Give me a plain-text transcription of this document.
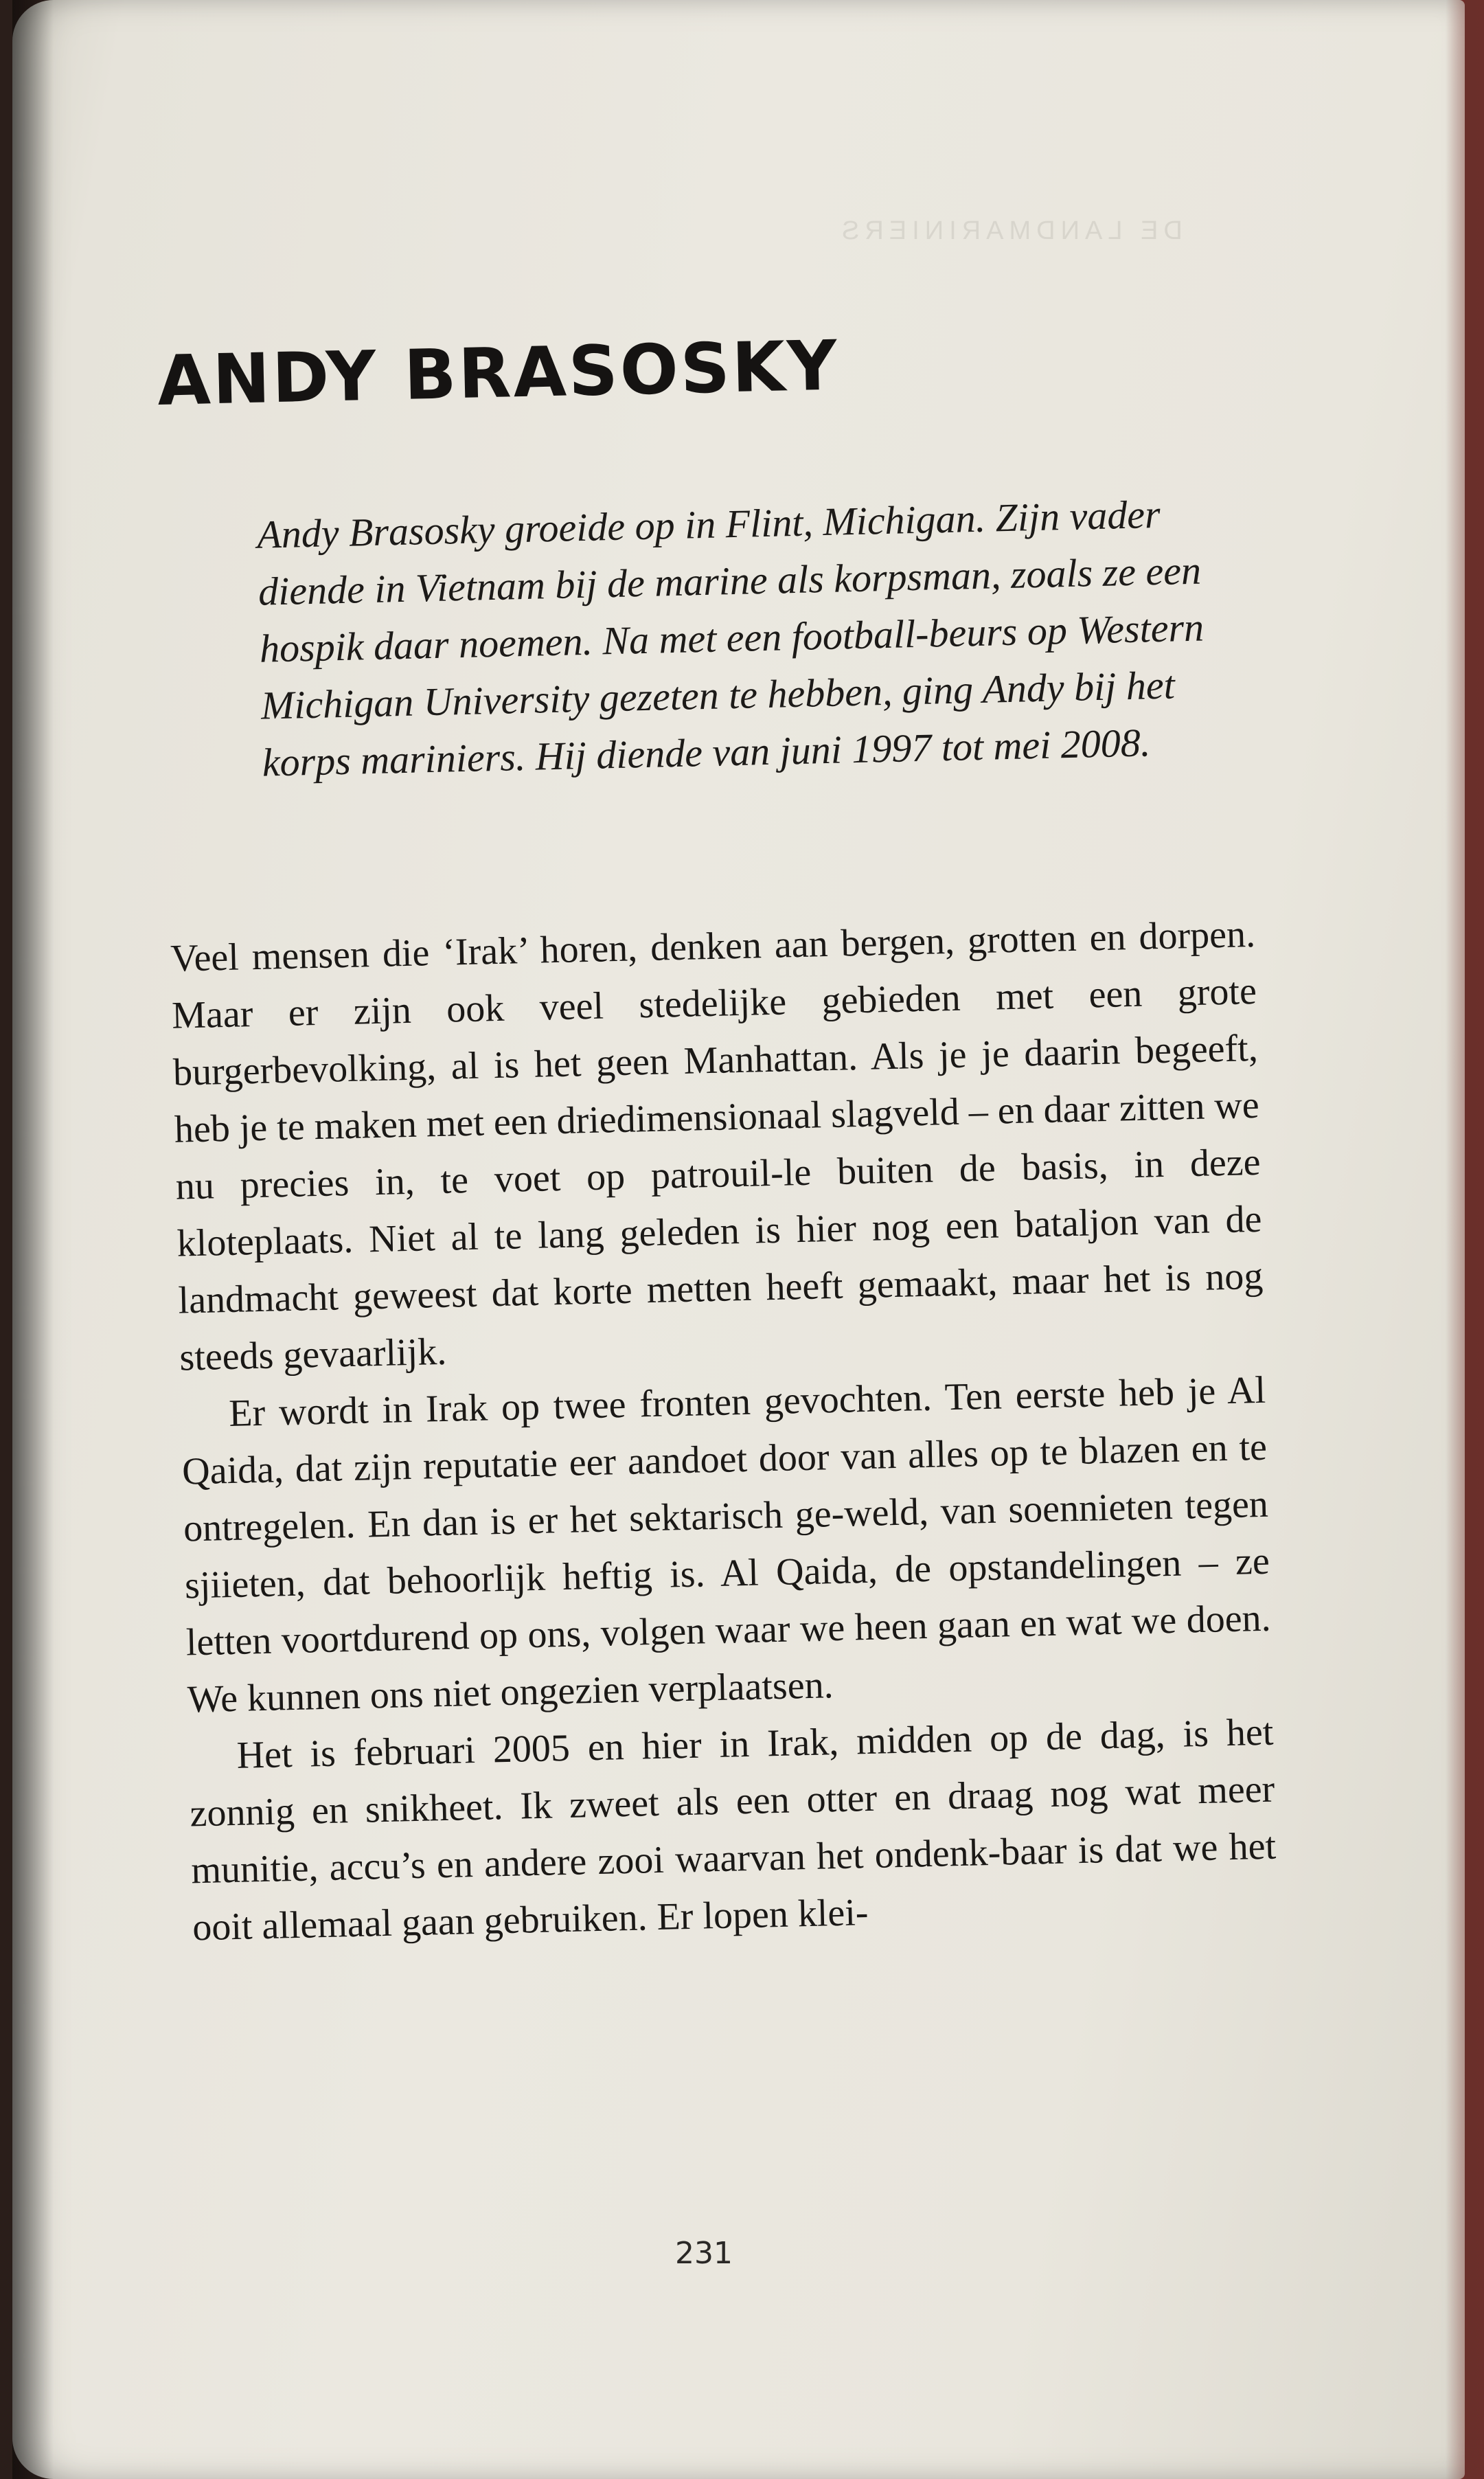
DE LANDMARINIERS
ANDY BRASOSKY
Andy Brasosky groeide op in Flint, Michigan. Zijn vader diende in Vietnam bij de marine als korpsman, zoals ze een hospik daar noemen. Na met een football-beurs op Western Michigan University gezeten te hebben, ging Andy bij het korps mariniers. Hij diende van juni 1997 tot mei 2008.

Veel mensen die ‘Irak’ horen, denken aan bergen, grotten en dorpen. Maar er zijn ook veel stedelijke gebieden met een grote burgerbevolking, al is het geen Manhattan. Als je je daarin begeeft, heb je te maken met een driedimensionaal slagveld – en daar zitten we nu precies in, te voet op patrouil-le buiten de basis, in deze kloteplaats. Niet al te lang geleden is hier nog een bataljon van de landmacht geweest dat korte metten heeft gemaakt, maar het is nog steeds gevaarlijk.

Er wordt in Irak op twee fronten gevochten. Ten eerste heb je Al Qaida, dat zijn reputatie eer aandoet door van alles op te blazen en te ontregelen. En dan is er het sektarisch ge-weld, van soennieten tegen sjiieten, dat behoorlijk heftig is. Al Qaida, de opstandelingen – ze letten voortdurend op ons, volgen waar we heen gaan en wat we doen. We kunnen ons niet ongezien verplaatsen.

Het is februari 2005 en hier in Irak, midden op de dag, is het zonnig en snikheet. Ik zweet als een otter en draag nog wat meer munitie, accu’s en andere zooi waarvan het ondenk-baar is dat we het ooit allemaal gaan gebruiken. Er lopen klei-

231
